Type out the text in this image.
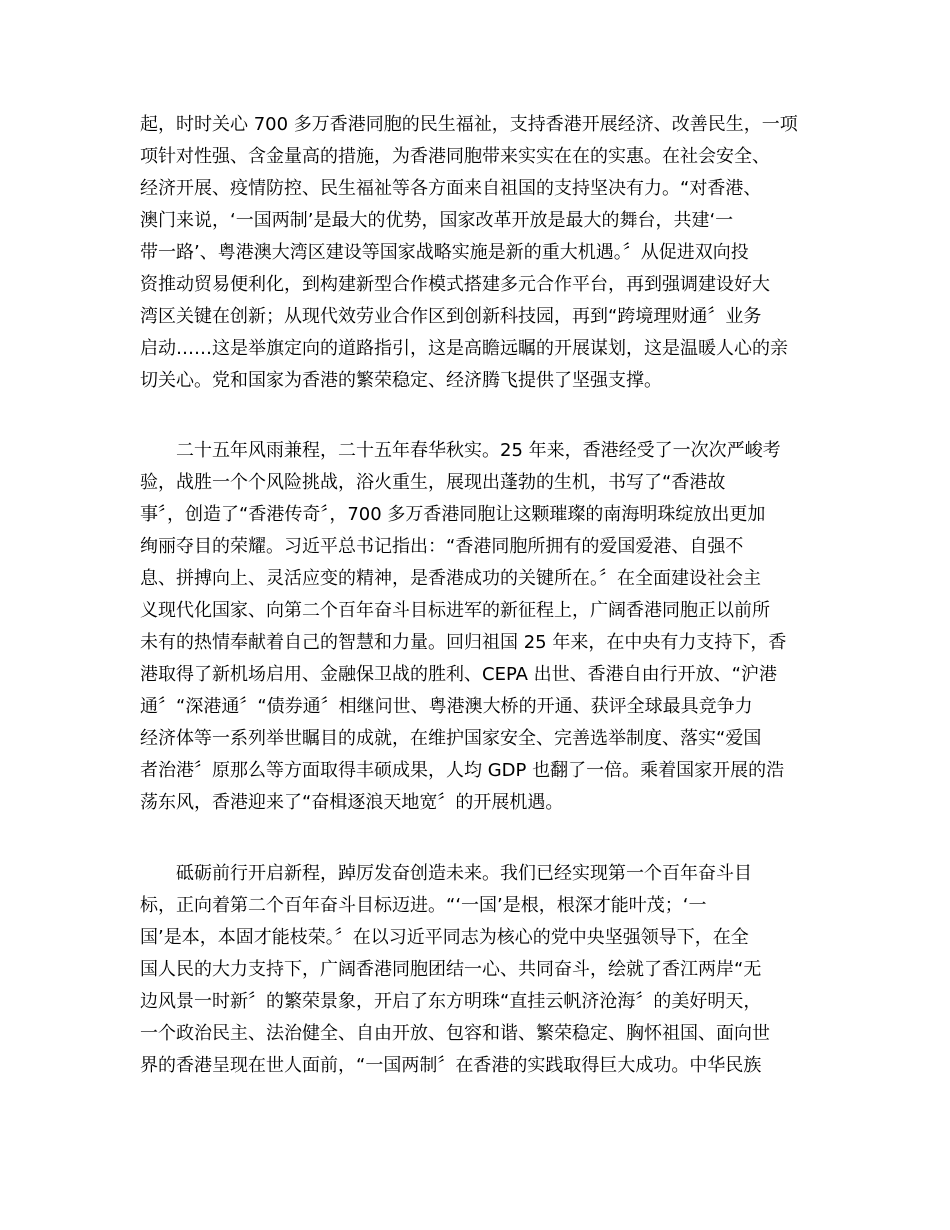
起，时时关心 700 多万香港同胞的民生福祉，支持香港开展经济、改善民生，一项
项针对性强、含金量高的措施，为香港同胞带来实实在在的实惠。在社会安全、
经济开展、疫情防控、民生福祉等各方面来自祖国的支持坚决有力。“对香港、
澳门来说，‘一国两制’是最大的优势，国家改革开放是最大的舞台，共建‘一
带一路’、粤港澳大湾区建设等国家战略实施是新的重大机遇。〞从促进双向投
资推动贸易便利化，到构建新型合作模式搭建多元合作平台，再到强调建设好大
湾区关键在创新；从现代效劳业合作区到创新科技园，再到“跨境理财通〞业务
启动……这是举旗定向的道路指引，这是高瞻远瞩的开展谋划，这是温暖人心的亲
切关心。党和国家为香港的繁荣稳定、经济腾飞提供了坚强支撑。
　　二十五年风雨兼程，二十五年春华秋实。25 年来，香港经受了一次次严峻考
验，战胜一个个风险挑战，浴火重生，展现出蓬勃的生机，书写了“香港故
事〞，创造了“香港传奇〞，700 多万香港同胞让这颗璀璨的南海明珠绽放出更加
绚丽夺目的荣耀。习近平总书记指出：“香港同胞所拥有的爱国爱港、自强不
息、拼搏向上、灵活应变的精神，是香港成功的关键所在。〞在全面建设社会主
义现代化国家、向第二个百年奋斗目标进军的新征程上，广阔香港同胞正以前所
未有的热情奉献着自己的智慧和力量。回归祖国 25 年来，在中央有力支持下，香
港取得了新机场启用、金融保卫战的胜利、CEPA 出世、香港自由行开放、“沪港
通〞“深港通〞“债券通〞相继问世、粤港澳大桥的开通、获评全球最具竞争力
经济体等一系列举世瞩目的成就，在维护国家安全、完善选举制度、落实“爱国
者治港〞原那么等方面取得丰硕成果，人均 GDP 也翻了一倍。乘着国家开展的浩
荡东风，香港迎来了“奋楫逐浪天地宽〞的开展机遇。
　　砥砺前行开启新程，踔厉发奋创造未来。我们已经实现第一个百年奋斗目
标，正向着第二个百年奋斗目标迈进。“‘一国’是根，根深才能叶茂；‘一
国’是本，本固才能枝荣。〞在以习近平同志为核心的党中央坚强领导下，在全
国人民的大力支持下，广阔香港同胞团结一心、共同奋斗，绘就了香江两岸“无
边风景一时新〞的繁荣景象，开启了东方明珠“直挂云帆济沧海〞的美好明天，
一个政治民主、法治健全、自由开放、包容和谐、繁荣稳定、胸怀祖国、面向世
界的香港呈现在世人面前，“一国两制〞在香港的实践取得巨大成功。中华民族
